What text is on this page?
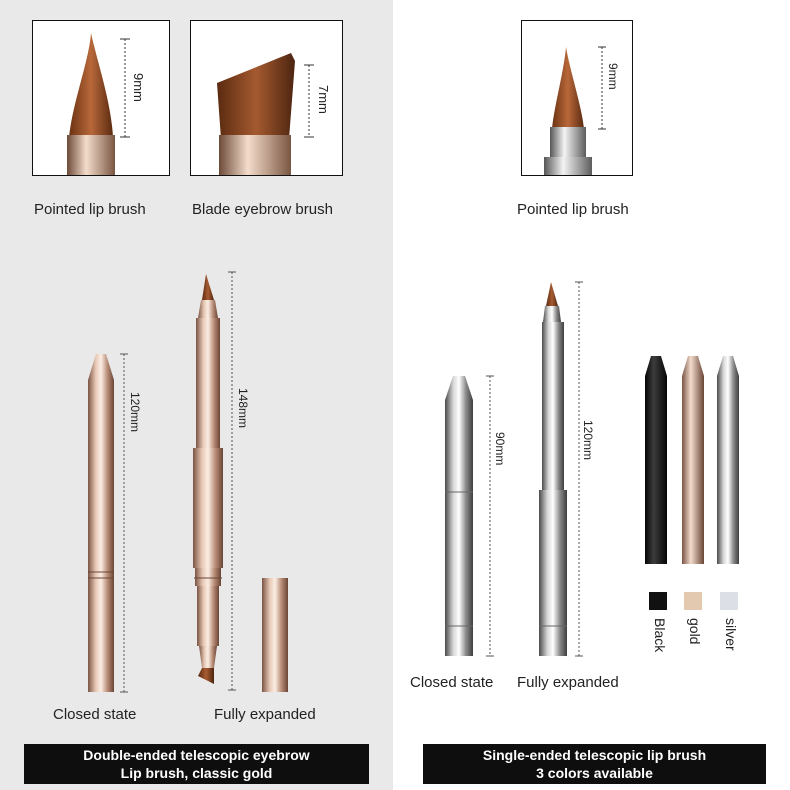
9mm
Pointed lip brush
7mm
Blade eyebrow brush
120mm	148mm
Closed state	Fully expanded
Double-ended telescopic eyebrow
Lip brush, classic gold
9mm
Pointed lip brush
90mm	120mm
Black gold silver
Closed state Fully expanded
Single-ended telescopic lip brush
3 colors available
